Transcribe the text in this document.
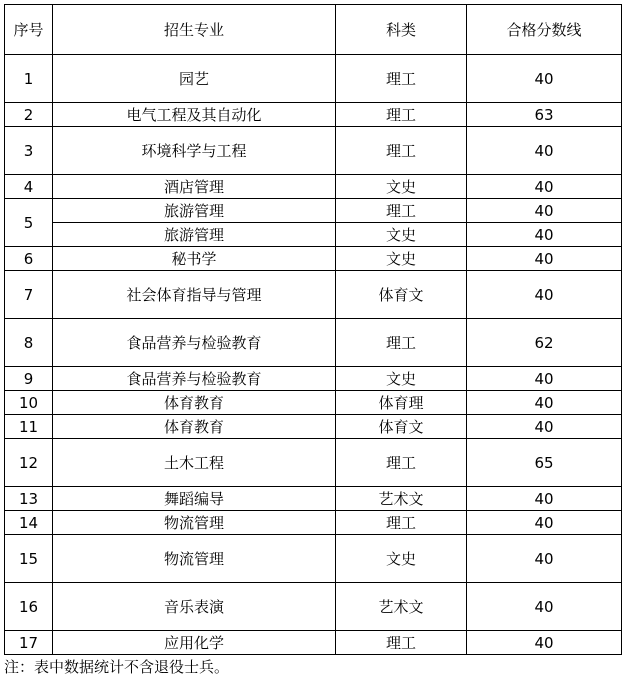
序号	招生专业	科类	合格分数线
1	园艺	理工	40
2	电气工程及其自动化	理工	63
3	环境科学与工程	理工	40
4	酒店管理	文史	40
5	旅游管理	理工	40
	旅游管理	文史	40
6	秘书学	文史	40
7	社会体育指导与管理	体育文	40
8	食品营养与检验教育	理工	62
9	食品营养与检验教育	文史	40
10	体育教育	体育理	40
11	体育教育	体育文	40
12	土木工程	理工	65
13	舞蹈编导	艺术文	40
14	物流管理	理工	40
15	物流管理	文史	40
16	音乐表演	艺术文	40
17	应用化学	理工	40
注：表中数据统计不含退役士兵。
